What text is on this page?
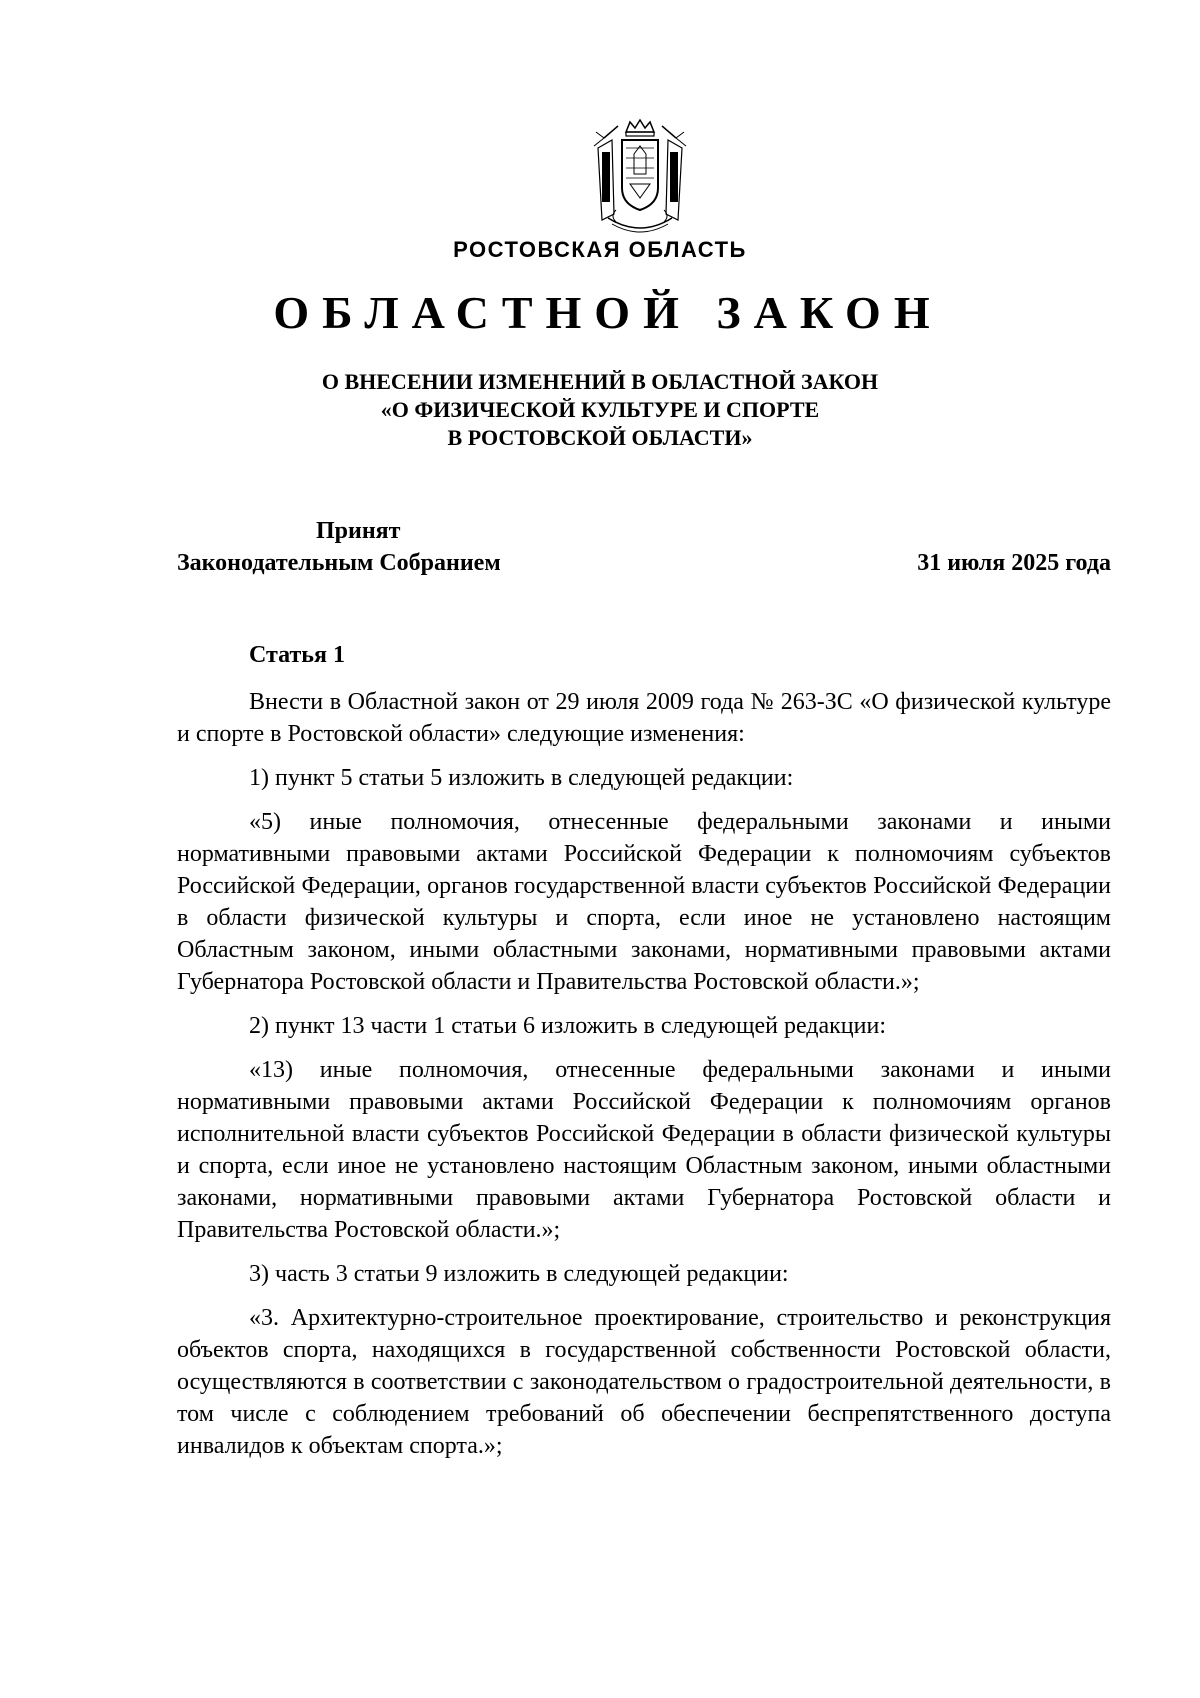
РОСТОВСКАЯ ОБЛАСТЬ
ОБЛАСТНОЙ ЗАКОН
О ВНЕСЕНИИ ИЗМЕНЕНИЙ В ОБЛАСТНОЙ ЗАКОН
«О ФИЗИЧЕСКОЙ КУЛЬТУРЕ И СПОРТЕ
В РОСТОВСКОЙ ОБЛАСТИ»
Принят
Законодательным Собранием	31 июля 2025 года
Статья 1

Внести в Областной закон от 29 июля 2009 года № 263-ЗС «О физической культуре и спорте в Ростовской области» следующие изменения:

1) пункт 5 статьи 5 изложить в следующей редакции:

«5) иные полномочия, отнесенные федеральными законами и иными нормативными правовыми актами Российской Федерации к полномочиям субъектов Российской Федерации, органов государственной власти субъектов Российской Федерации в области физической культуры и спорта, если иное не установлено настоящим Областным законом, иными областными законами, нормативными правовыми актами Губернатора Ростовской области и Правительства Ростовской области.»;

2) пункт 13 части 1 статьи 6 изложить в следующей редакции:

«13) иные полномочия, отнесенные федеральными законами и иными нормативными правовыми актами Российской Федерации к полномочиям органов исполнительной власти субъектов Российской Федерации в области физической культуры и спорта, если иное не установлено настоящим Областным законом, иными областными законами, нормативными правовыми актами Губернатора Ростовской области и Правительства Ростовской области.»;

3) часть 3 статьи 9 изложить в следующей редакции:

«3. Архитектурно-строительное проектирование, строительство и реконструкция объектов спорта, находящихся в государственной собственности Ростовской области, осуществляются в соответствии с законодательством о градостроительной деятельности, в том числе с соблюдением требований об обеспечении беспрепятственного доступа инвалидов к объектам спорта.»;
